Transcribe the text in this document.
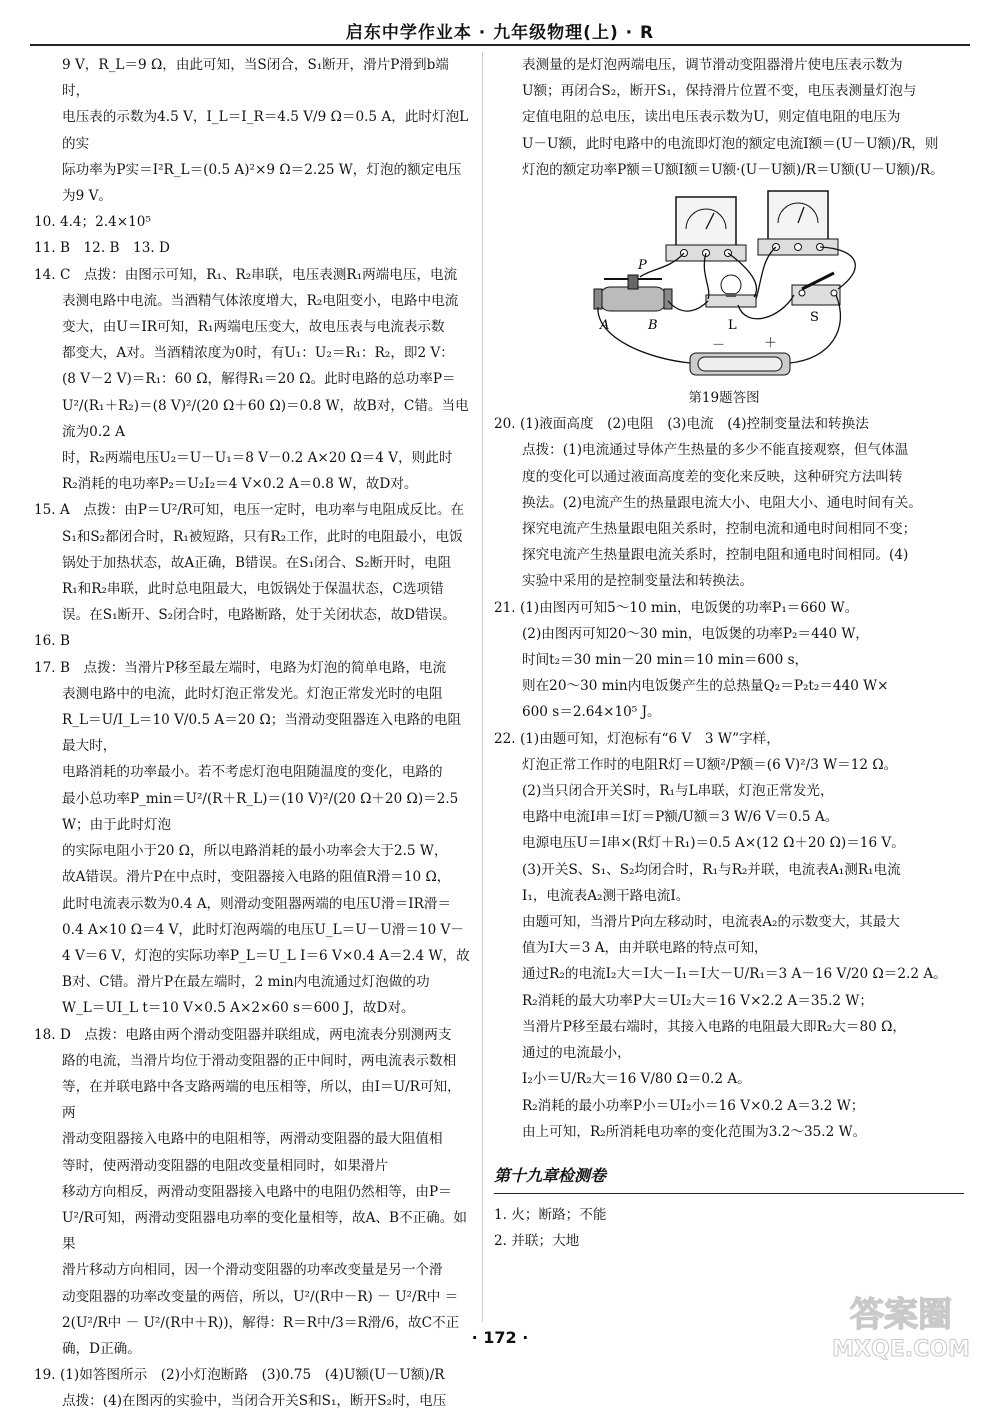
启东中学作业本 · 九年级物理(上) · R

9 V，R_L＝9 Ω，由此可知，当S闭合，S₁断开，滑片P滑到b端时，

电压表的示数为4.5 V，I_L＝I_R＝4.5 V/9 Ω＝0.5 A，此时灯泡L的实

际功率为P实＝I²R_L＝(0.5 A)²×9 Ω＝2.25 W，灯泡的额定电压

为9 V。

10. 4.4；2.4×10⁵

11. B　12. B　13. D

14. C　点拨：由图示可知，R₁、R₂串联，电压表测R₁两端电压，电流

表测电路中电流。当酒精气体浓度增大，R₂电阻变小，电路中电流

变大，由U＝IR可知，R₁两端电压变大，故电压表与电流表示数

都变大，A对。当酒精浓度为0时，有U₁：U₂＝R₁：R₂，即2 V：

(8 V－2 V)＝R₁：60 Ω，解得R₁＝20 Ω。此时电路的总功率P＝

U²/(R₁＋R₂)＝(8 V)²/(20 Ω＋60 Ω)＝0.8 W，故B对，C错。当电流为0.2 A

时，R₂两端电压U₂＝U－U₁＝8 V－0.2 A×20 Ω＝4 V，则此时

R₂消耗的电功率P₂＝U₂I₂＝4 V×0.2 A＝0.8 W，故D对。

15. A　点拨：由P＝U²/R可知，电压一定时，电功率与电阻成反比。在

S₁和S₂都闭合时，R₁被短路，只有R₂工作，此时的电阻最小，电饭

锅处于加热状态，故A正确，B错误。在S₁闭合、S₂断开时，电阻

R₁和R₂串联，此时总电阻最大，电饭锅处于保温状态，C选项错

误。在S₁断开、S₂闭合时，电路断路，处于关闭状态，故D错误。

16. B

17. B　点拨：当滑片P移至最左端时，电路为灯泡的简单电路，电流

表测电路中的电流，此时灯泡正常发光。灯泡正常发光时的电阻

R_L＝U/I_L＝10 V/0.5 A＝20 Ω；当滑动变阻器连入电路的电阻最大时，

电路消耗的功率最小。若不考虑灯泡电阻随温度的变化，电路的

最小总功率P_min＝U²/(R＋R_L)＝(10 V)²/(20 Ω＋20 Ω)＝2.5 W；由于此时灯泡

的实际电阻小于20 Ω，所以电路消耗的最小功率会大于2.5 W，

故A错误。滑片P在中点时，变阻器接入电路的阻值R滑＝10 Ω，

此时电流表示数为0.4 A，则滑动变阻器两端的电压U滑＝IR滑＝

0.4 A×10 Ω＝4 V，此时灯泡两端的电压U_L＝U－U滑＝10 V－

4 V＝6 V，灯泡的实际功率P_L＝U_L I＝6 V×0.4 A＝2.4 W，故

B对、C错。滑片P在最左端时，2 min内电流通过灯泡做的功

W_L＝UI_L t＝10 V×0.5 A×2×60 s＝600 J，故D对。

18. D　点拨：电路由两个滑动变阻器并联组成，两电流表分别测两支

路的电流，当滑片均位于滑动变阻器的正中间时，两电流表示数相

等，在并联电路中各支路两端的电压相等，所以，由I＝U/R可知，两

滑动变阻器接入电路中的电阻相等，两滑动变阻器的最大阻值相

等时，使两滑动变阻器的电阻改变量相同时，如果滑片

移动方向相反，两滑动变阻器接入电路中的电阻仍然相等，由P＝

U²/R可知，两滑动变阻器电功率的变化量相等，故A、B不正确。如果

滑片移动方向相同，因一个滑动变阻器的功率改变量是另一个滑

动变阻器的功率改变量的两倍，所以，U²/(R中－R) － U²/R中 ＝

2(U²/R中 － U²/(R中＋R))，解得：R＝R中/3＝R滑/6，故C不正确，D正确。

19. (1)如答图所示　(2)小灯泡断路　(3)0.75　(4)U额(U－U额)/R

点拨：(4)在图丙的实验中，当闭合开关S和S₁，断开S₂时，电压

表测量的是灯泡两端电压，调节滑动变阻器滑片使电压表示数为

U额；再闭合S₂，断开S₁，保持滑片位置不变，电压表测量灯泡与

定值电阻的总电压，读出电压表示数为U，则定值电阻的电压为

U－U额，此时电路中的电流即灯泡的额定电流I额＝(U－U额)/R，则

灯泡的额定功率P额＝U额I额＝U额·(U－U额)/R＝U额(U－U额)/R。

P
A	B	L
S
－	＋

第19题答图

20. (1)液面高度　(2)电阻　(3)电流　(4)控制变量法和转换法

点拨：(1)电流通过导体产生热量的多少不能直接观察，但气体温

度的变化可以通过液面高度差的变化来反映，这种研究方法叫转

换法。(2)电流产生的热量跟电流大小、电阻大小、通电时间有关。

探究电流产生热量跟电阻关系时，控制电流和通电时间相同不变；

探究电流产生热量跟电流关系时，控制电阻和通电时间相同。(4)

实验中采用的是控制变量法和转换法。

21. (1)由图丙可知5～10 min，电饭煲的功率P₁＝660 W。

(2)由图丙可知20～30 min，电饭煲的功率P₂＝440 W，

时间t₂＝30 min－20 min＝10 min＝600 s，

则在20～30 min内电饭煲产生的总热量Q₂＝P₂t₂＝440 W×

600 s＝2.64×10⁵ J。

22. (1)由题可知，灯泡标有“6 V　3 W”字样，

灯泡正常工作时的电阻R灯＝U额²/P额＝(6 V)²/3 W＝12 Ω。

(2)当只闭合开关S时，R₁与L串联，灯泡正常发光，

电路中电流I串＝I灯＝P额/U额＝3 W/6 V＝0.5 A。

电源电压U＝I串×(R灯＋R₁)＝0.5 A×(12 Ω＋20 Ω)＝16 V。

(3)开关S、S₁、S₂均闭合时，R₁与R₂并联，电流表A₁测R₁电流

I₁，电流表A₂测干路电流I。

由题可知，当滑片P向左移动时，电流表A₂的示数变大，其最大

值为I大＝3 A，由并联电路的特点可知，

通过R₂的电流I₂大＝I大－I₁＝I大－U/R₁＝3 A－16 V/20 Ω＝2.2 A。

R₂消耗的最大功率P大＝UI₂大＝16 V×2.2 A＝35.2 W；

当滑片P移至最右端时，其接入电路的电阻最大即R₂大＝80 Ω，

通过的电流最小，

I₂小＝U/R₂大＝16 V/80 Ω＝0.2 A。

R₂消耗的最小功率P小＝UI₂小＝16 V×0.2 A＝3.2 W；

由上可知，R₂所消耗电功率的变化范围为3.2～35.2 W。

第十九章检测卷

1. 火；断路；不能

2. 并联；大地

· 172 ·
答案圈
MXQE.COM
